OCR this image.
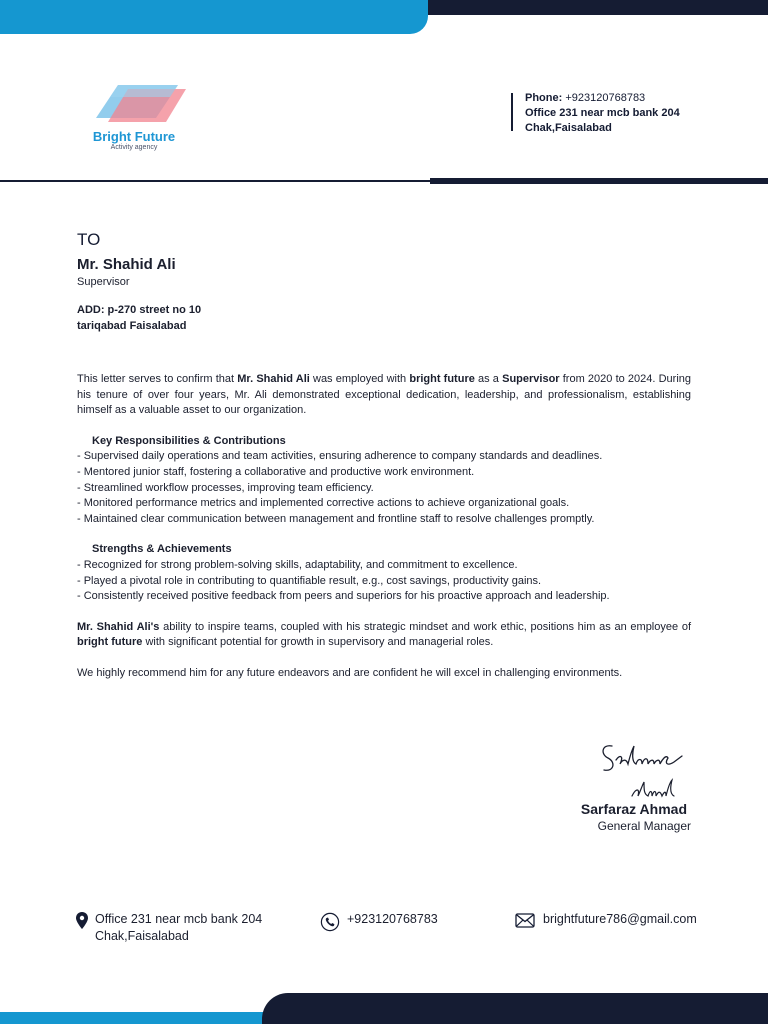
Bright Future
Activity agency
Phone: +923120768783
Office 231 near mcb bank 204
Chak,Faisalabad
TO
Mr. Shahid Ali
Supervisor
ADD: p-270 street no 10
tariqabad Faisalabad

This letter serves to confirm that Mr. Shahid Ali was employed with bright future as a Supervisor from 2020 to 2024. During his tenure of over four years, Mr. Ali demonstrated exceptional dedication, leadership, and professionalism, establishing himself as a valuable asset to our organization.

Key Responsibilities & Contributions

- Supervised daily operations and team activities, ensuring adherence to company standards and deadlines.

- Mentored junior staff, fostering a collaborative and productive work environment.

- Streamlined workflow processes, improving team efficiency.

- Monitored performance metrics and implemented corrective actions to achieve organizational goals.

- Maintained clear communication between management and frontline staff to resolve challenges promptly.

Strengths & Achievements

- Recognized for strong problem-solving skills, adaptability, and commitment to excellence.

- Played a pivotal role in contributing to quantifiable result, e.g., cost savings, productivity gains.

- Consistently received positive feedback from peers and superiors for his proactive approach and leadership.

Mr. Shahid Ali's ability to inspire teams, coupled with his strategic mindset and work ethic, positions him as an employee of bright future with significant potential for growth in supervisory and managerial roles.

We highly recommend him for any future endeavors and are confident he will excel in challenging environments.

Sarfaraz Ahmad
General Manager
Office 231 near mcb bank 204
Chak,Faisalabad
+923120768783	brightfuture786@gmail.com
